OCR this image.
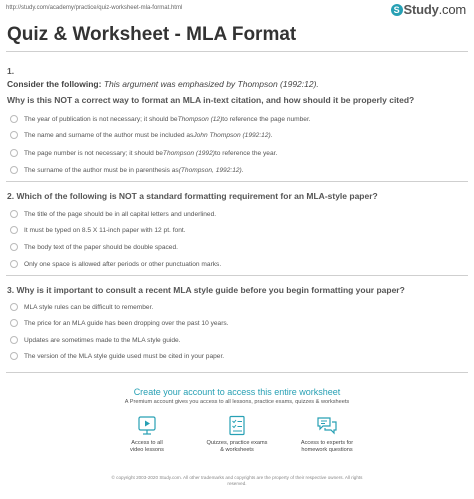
http://study.com/academy/practice/quiz-worksheet-mla-format.html	S Study.com
Quiz & Worksheet - MLA Format
1.
Consider the following: This argument was emphasized by Thompson (1992:12).
Why is this NOT a correct way to format an MLA in-text citation, and how should it be properly cited?
The year of publication is not necessary; it should be Thompson (12) to reference the page number.
The name and surname of the author must be included as John Thompson (1992:12) .
The page number is not necessary; it should be Thompson (1992) to reference the year.
The surname of the author must be in parenthesis as (Thompson, 1992:12) .
2. Which of the following is NOT a standard formatting requirement for an MLA-style paper?
The title of the page should be in all capital letters and underlined.
It must be typed on 8.5 X 11-inch paper with 12 pt. font.
The body text of the paper should be double spaced.
Only one space is allowed after periods or other punctuation marks.
3. Why is it important to consult a recent MLA style guide before you begin formatting your paper?
MLA style rules can be difficult to remember.
The price for an MLA guide has been dropping over the past 10 years.
Updates are sometimes made to the MLA style guide.
The version of the MLA style guide used must be cited in your paper.
Create your account to access this entire worksheet
A Premium account gives you access to all lessons, practice exams, quizzes & worksheets
Access to all
video lessons
Quizzes, practice exams
& worksheets
Access to experts for
homework questions
© copyright 2003-2020 Study.com. All other trademarks and copyrights are the property of their respective owners. All rights
reserved.
